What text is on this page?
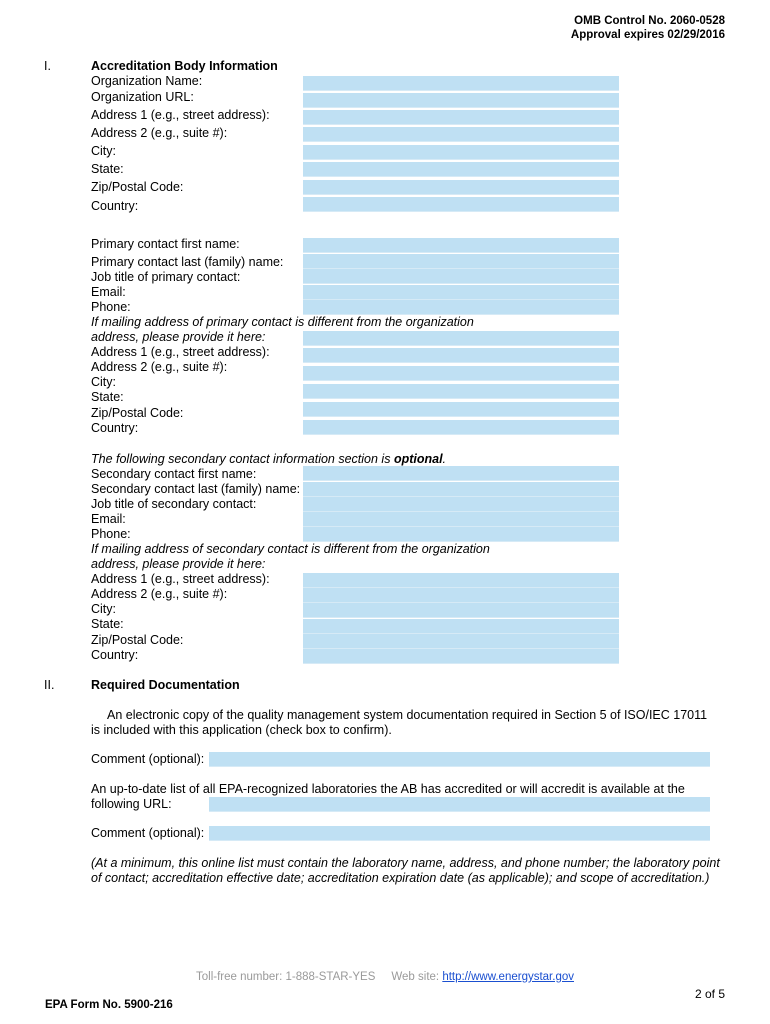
OMB Control No. 2060-0528
Approval expires 02/29/2016
I.	Accreditation Body Information
Organization Name:
Organization URL:
Address 1 (e.g., street address):
Address 2 (e.g., suite #):
City:
State:
Zip/Postal Code:
Country:
Primary contact first name:
Primary contact last (family) name:
Job title of primary contact:
Email:
Phone:
If mailing address of primary contact is different from the organization
address, please provide it here:
Address 1 (e.g., street address):
Address 2 (e.g., suite #):
City:
State:
Zip/Postal Code:
Country:
The following secondary contact information section is optional.
Secondary contact first name:
Secondary contact last (family) name:
Job title of secondary contact:
Email:
Phone:
If mailing address of secondary contact is different from the organization
address, please provide it here:
Address 1 (e.g., street address):
Address 2 (e.g., suite #):
City:
State:
Zip/Postal Code:
Country:
II.	Required Documentation
An electronic copy of the quality management system documentation required in Section 5 of ISO/IEC 17011
is included with this application (check box to confirm).
Comment (optional):
An up-to-date list of all EPA-recognized laboratories the AB has accredited or will accredit is available at the
following URL:
Comment (optional):
(At a minimum, this online list must contain the laboratory name, address, and phone number; the laboratory point
of contact; accreditation effective date; accreditation expiration date (as applicable); and scope of accreditation.)
Toll-free number: 1-888-STAR-YES Web site: http://www.energystar.gov
2 of 5
EPA Form No. 5900-216
